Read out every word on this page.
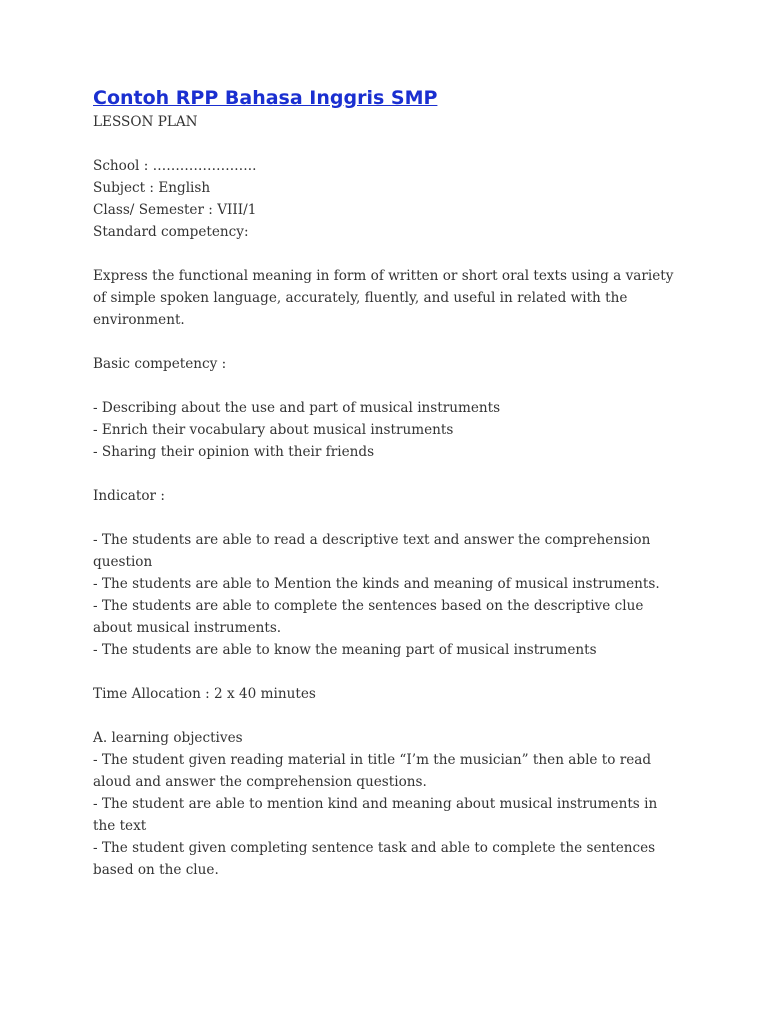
Contoh RPP Bahasa Inggris SMP
LESSON PLAN
School : …………………..
Subject : English
Class/ Semester : VIII/1
Standard competency:
Express the functional meaning in form of written or short oral texts using a variety of simple spoken language, accurately, fluently, and useful in related with the environment.
Basic competency :
- Describing about the use and part of musical instruments
- Enrich their vocabulary about musical instruments
- Sharing their opinion with their friends
Indicator :
- The students are able to read a descriptive text and answer the comprehension question
- The students are able to Mention the kinds and meaning of musical instruments.
- The students are able to complete the sentences based on the descriptive clue about musical instruments.
- The students are able to know the meaning part of musical instruments
Time Allocation : 2 x 40 minutes
A. learning objectives
- The student given reading material in title “I’m the musician” then able to read aloud and answer the comprehension questions.
- The student are able to mention kind and meaning about musical instruments in the text
- The student given completing sentence task and able to complete the sentences based on the clue.
